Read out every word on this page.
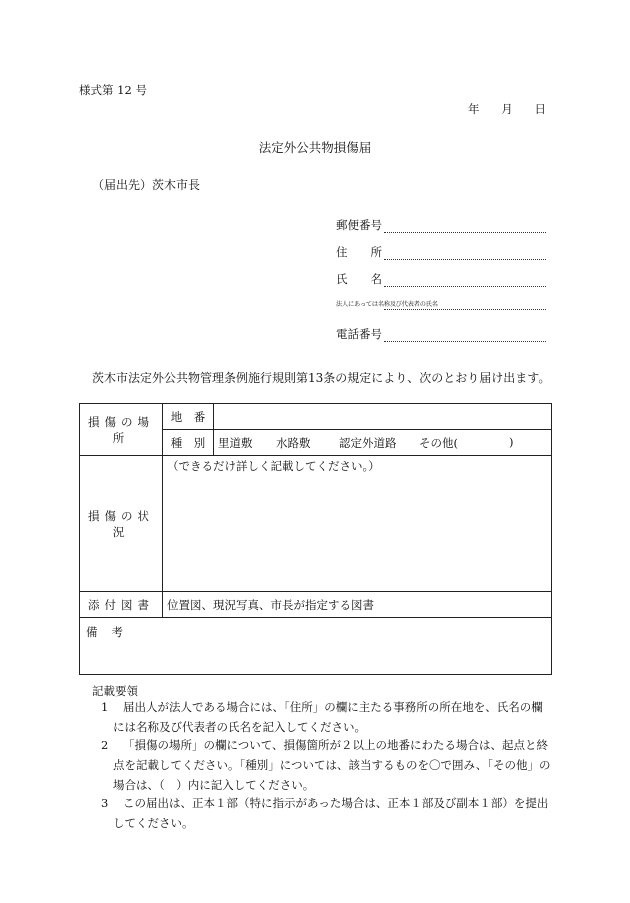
様式第 12 号
年 月 日
法定外公共物損傷届
（届出先）茨木市長
郵便番号
住　　所
氏　　名
法人にあっては名称及び代表者の氏名
電話番号
茨木市法定外公共物管理条例施行規則第13条の規定により、次のとおり届け出ます。
損傷の場所	地　番	
	種　別	里道敷 水路敷 認定外道路 その他( )

損傷の状況	（できるだけ詳しく記載してください。）	
添付図書	位置図、現況写真、市長が指定する図書	
備考		
記載要領
1	届出人が法人である場合には、「住所」の欄に主たる事務所の所在地を、氏名の欄には名称及び代表者の氏名を記入してください。
2	「損傷の場所」の欄について、損傷箇所が２以上の地番にわたる場合は、起点と終点を記載してください。「種別」については、該当するものを〇で囲み、「その他」の場合は、（　）内に記入してください。
3	この届出は、正本１部（特に指示があった場合は、正本１部及び副本１部）を提出してください。
